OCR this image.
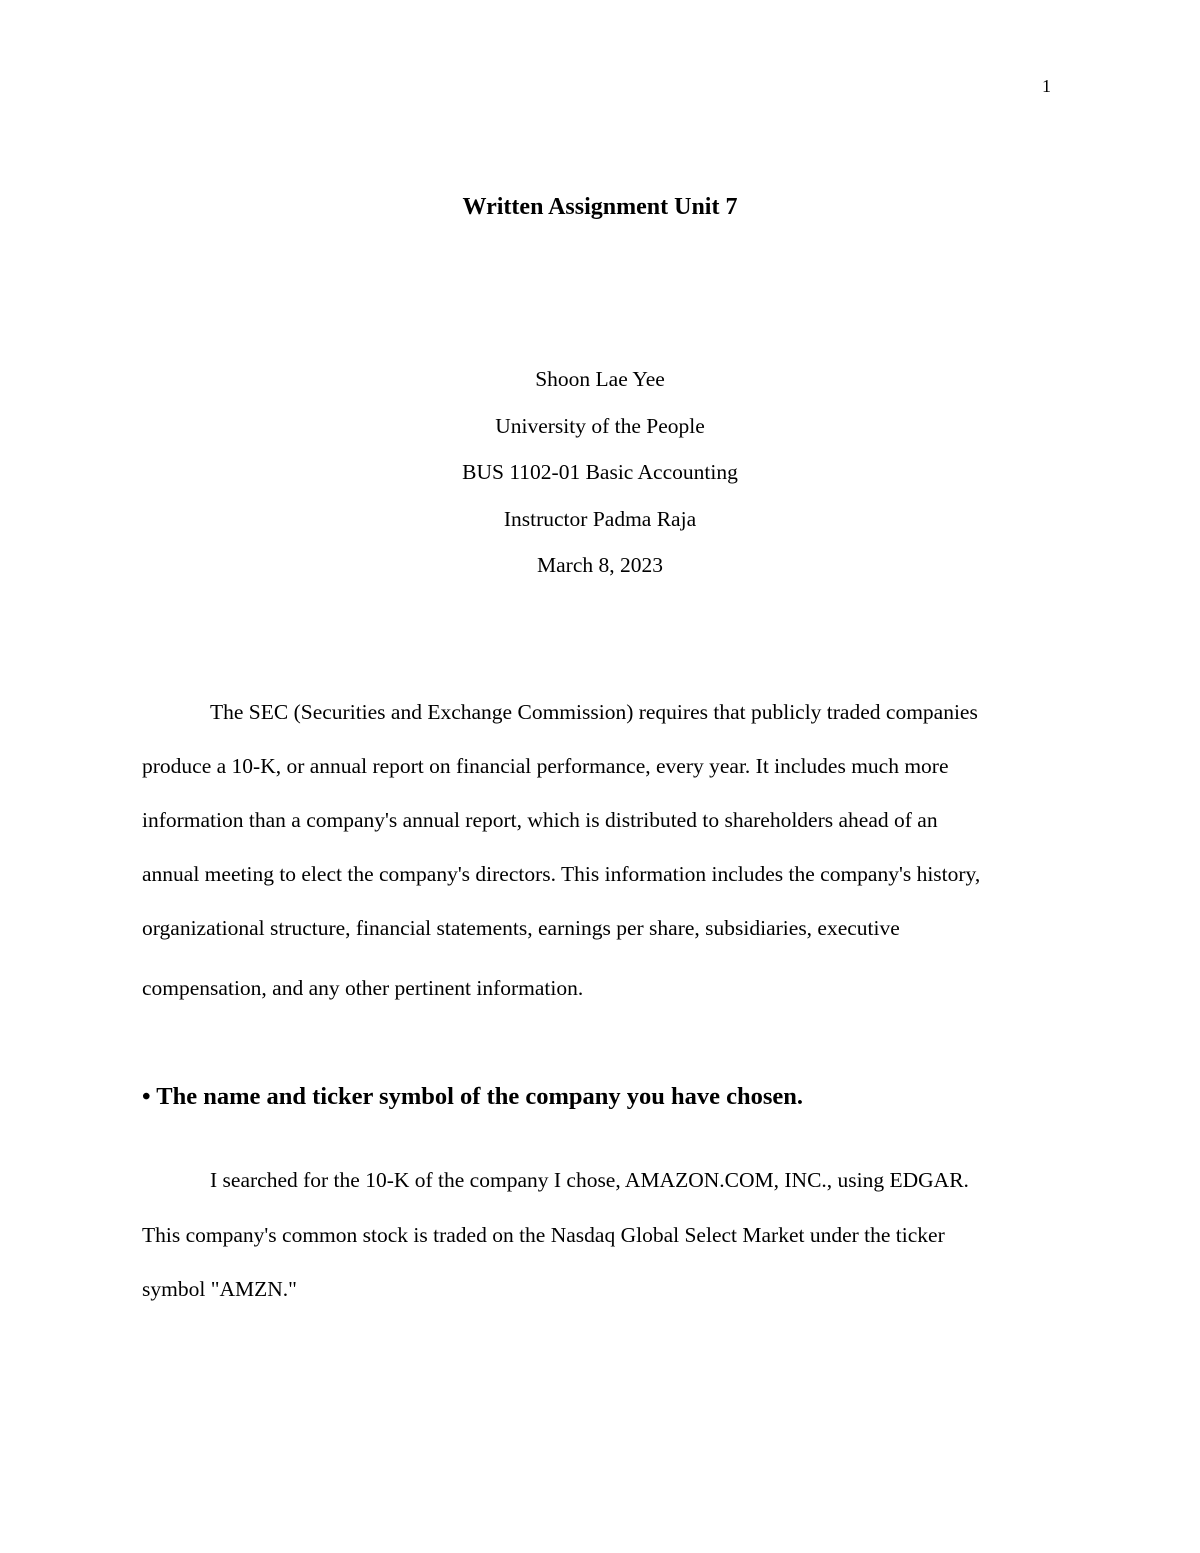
1
Written Assignment Unit 7
Shoon Lae Yee
University of the People
BUS 1102-01 Basic Accounting
Instructor Padma Raja
March 8, 2023
The SEC (Securities and Exchange Commission) requires that publicly traded companies
produce a 10-K, or annual report on financial performance, every year. It includes much more
information than a company's annual report, which is distributed to shareholders ahead of an
annual meeting to elect the company's directors. This information includes the company's history,
organizational structure, financial statements, earnings per share, subsidiaries, executive
compensation, and any other pertinent information.
• The name and ticker symbol of the company you have chosen.
I searched for the 10-K of the company I chose, AMAZON.COM, INC., using EDGAR.
This company's common stock is traded on the Nasdaq Global Select Market under the ticker
symbol "AMZN."
